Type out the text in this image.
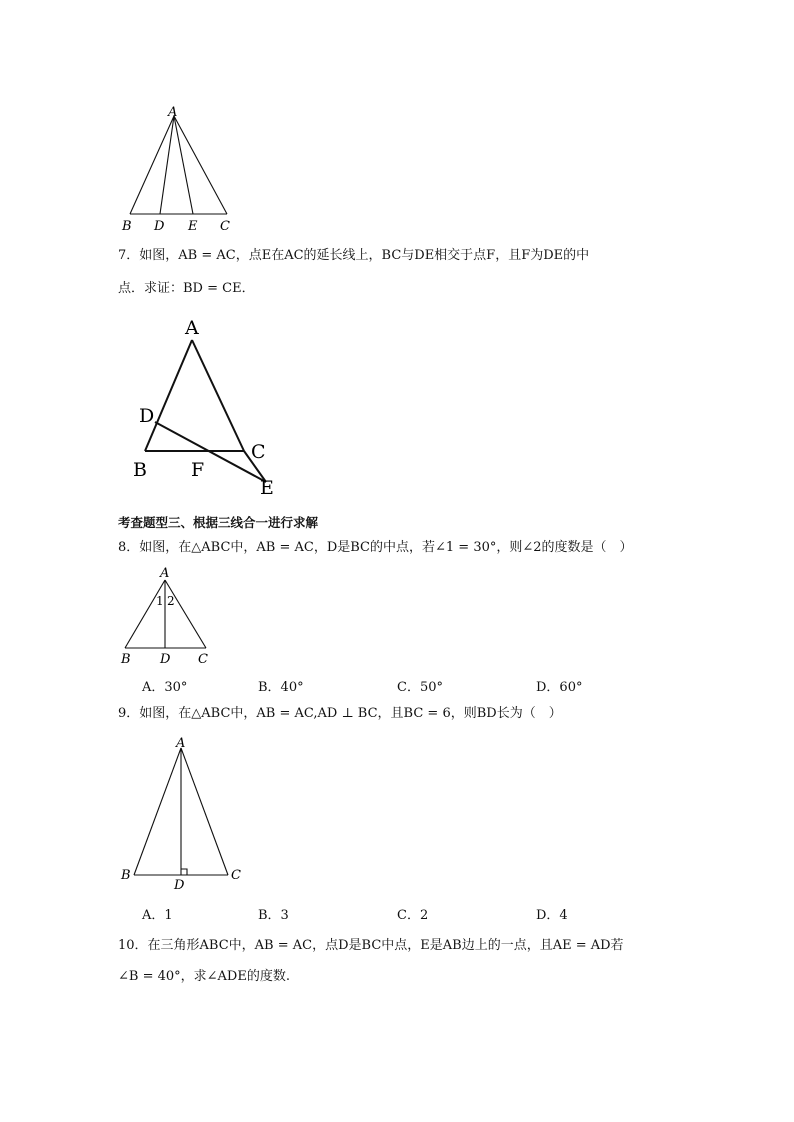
A
B D E C
7．如图，AB = AC，点E在AC的延长线上，BC与DE相交于点F，且F为DE的中
点．求证：BD = CE．
A
D
C
B F
E
考查题型三、根据三线合一进行求解
8．如图，在△ABC中，AB = AC，D是BC的中点，若∠1 = 30°，则∠2的度数是（　）
A
1 2
B D C
A．30°	B．40°	C．50°	D．60°
9．如图，在△ABC中，AB = AC,AD ⊥ BC，且BC = 6，则BD长为（　）
A
B
D
C
A．1	B．3	C．2	D．4
10．在三角形ABC中，AB = AC，点D是BC中点，E是AB边上的一点，且AE = AD若
∠B = 40°，求∠ADE的度数.
